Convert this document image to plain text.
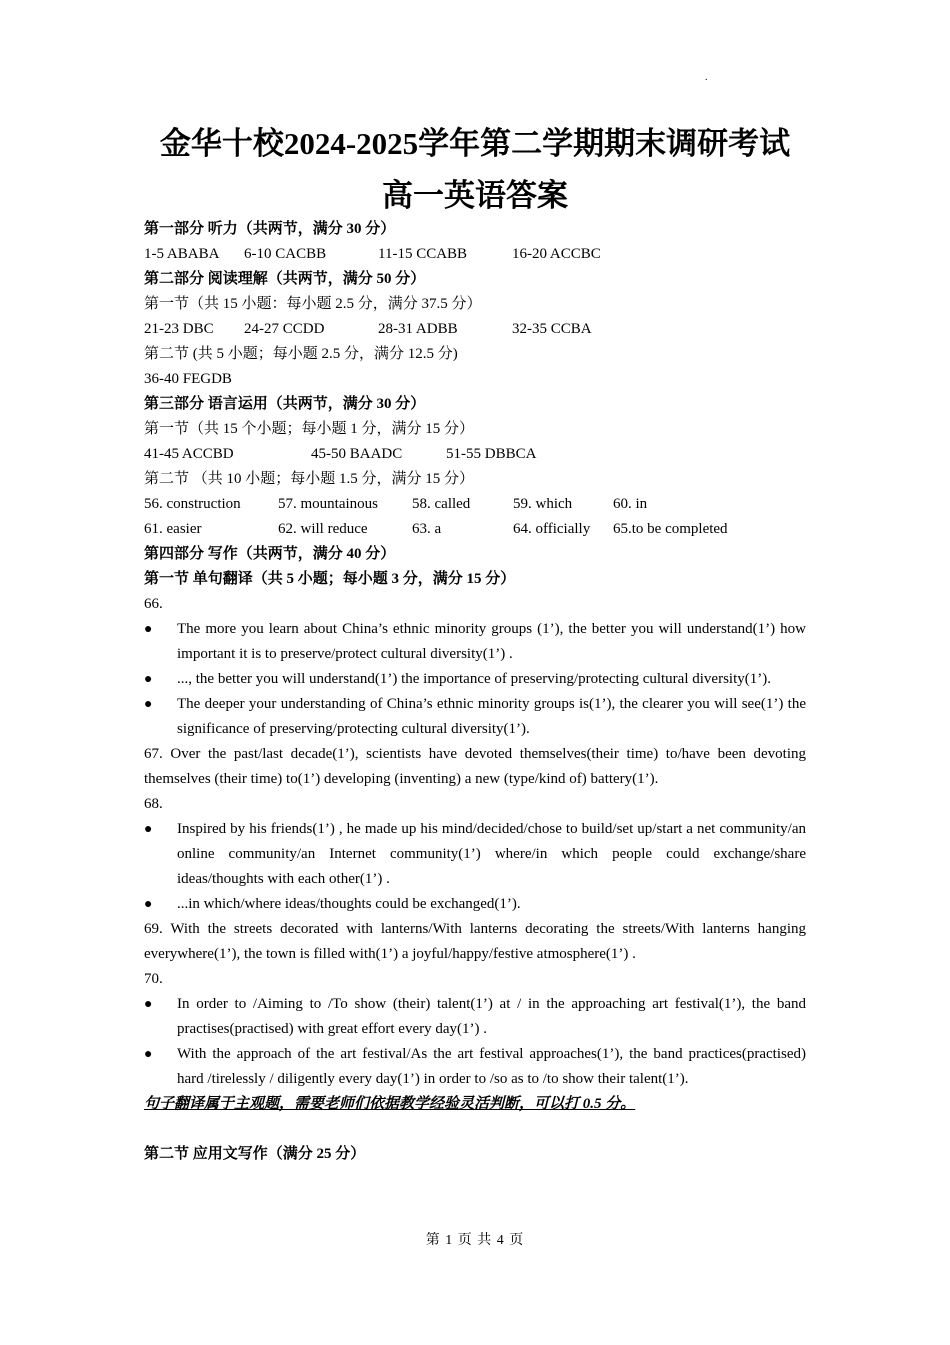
.
金华十校2024-2025学年第二学期期末调研考试
高一英语答案
第一部分 听力（共两节，满分 30 分）
1-5 ABABA	6-10 CACBB	11-15 CCABB	16-20 ACCBC
第二部分 阅读理解（共两节，满分 50 分）
第一节（共 15 小题：每小题 2.5 分，满分 37.5 分）
21-23 DBC	24-27 CCDD	28-31 ADBB	32-35 CCBA
第二节 (共 5 小题；每小题 2.5 分，满分 12.5 分)
36-40 FEGDB
第三部分 语言运用（共两节，满分 30 分）
第一节（共 15 个小题；每小题 1 分，满分 15 分）
41-45 ACCBD	45-50 BAADC	51-55 DBBCA
第二节 （共 10 小题；每小题 1.5 分，满分 15 分）
56. construction	57. mountainous	58. called	59. which	60. in
61. easier	62. will reduce	63. a	64. officially	65.to be completed
第四部分 写作（共两节，满分 40 分）
第一节 单句翻译（共 5 小题；每小题 3 分，满分 15 分）
66.
● The more you learn about China’s ethnic minority groups (1’), the better you will understand(1’) how important it is to preserve/protect cultural diversity(1’) .
● ..., the better you will understand(1’) the importance of preserving/protecting cultural diversity(1’).
● The deeper your understanding of China’s ethnic minority groups is(1’), the clearer you will see(1’) the significance of preserving/protecting cultural diversity(1’).
67. Over the past/last decade(1’), scientists have devoted themselves(their time) to/have been devoting themselves (their time) to(1’) developing (inventing) a new (type/kind of) battery(1’).
68.
● Inspired by his friends(1’) , he made up his mind/decided/chose to build/set up/start a net community/an online community/an Internet community(1’) where/in which people could exchange/share ideas/thoughts with each other(1’) .
● ...in which/where ideas/thoughts could be exchanged(1’).
69. With the streets decorated with lanterns/With lanterns decorating the streets/With lanterns hanging everywhere(1’), the town is filled with(1’) a joyful/happy/festive atmosphere(1’) .
70.
● In order to /Aiming to /To show (their) talent(1’) at / in the approaching art festival(1’), the band practises(practised) with great effort every day(1’) .
● With the approach of the art festival/As the art festival approaches(1’), the band practices(practised) hard /tirelessly / diligently every day(1’) in order to /so as to /to show their talent(1’).
句子翻译属于主观题，需要老师们依据教学经验灵活判断，可以打 0.5 分。
第二节 应用文写作（满分 25 分）
第 1 页 共 4 页
